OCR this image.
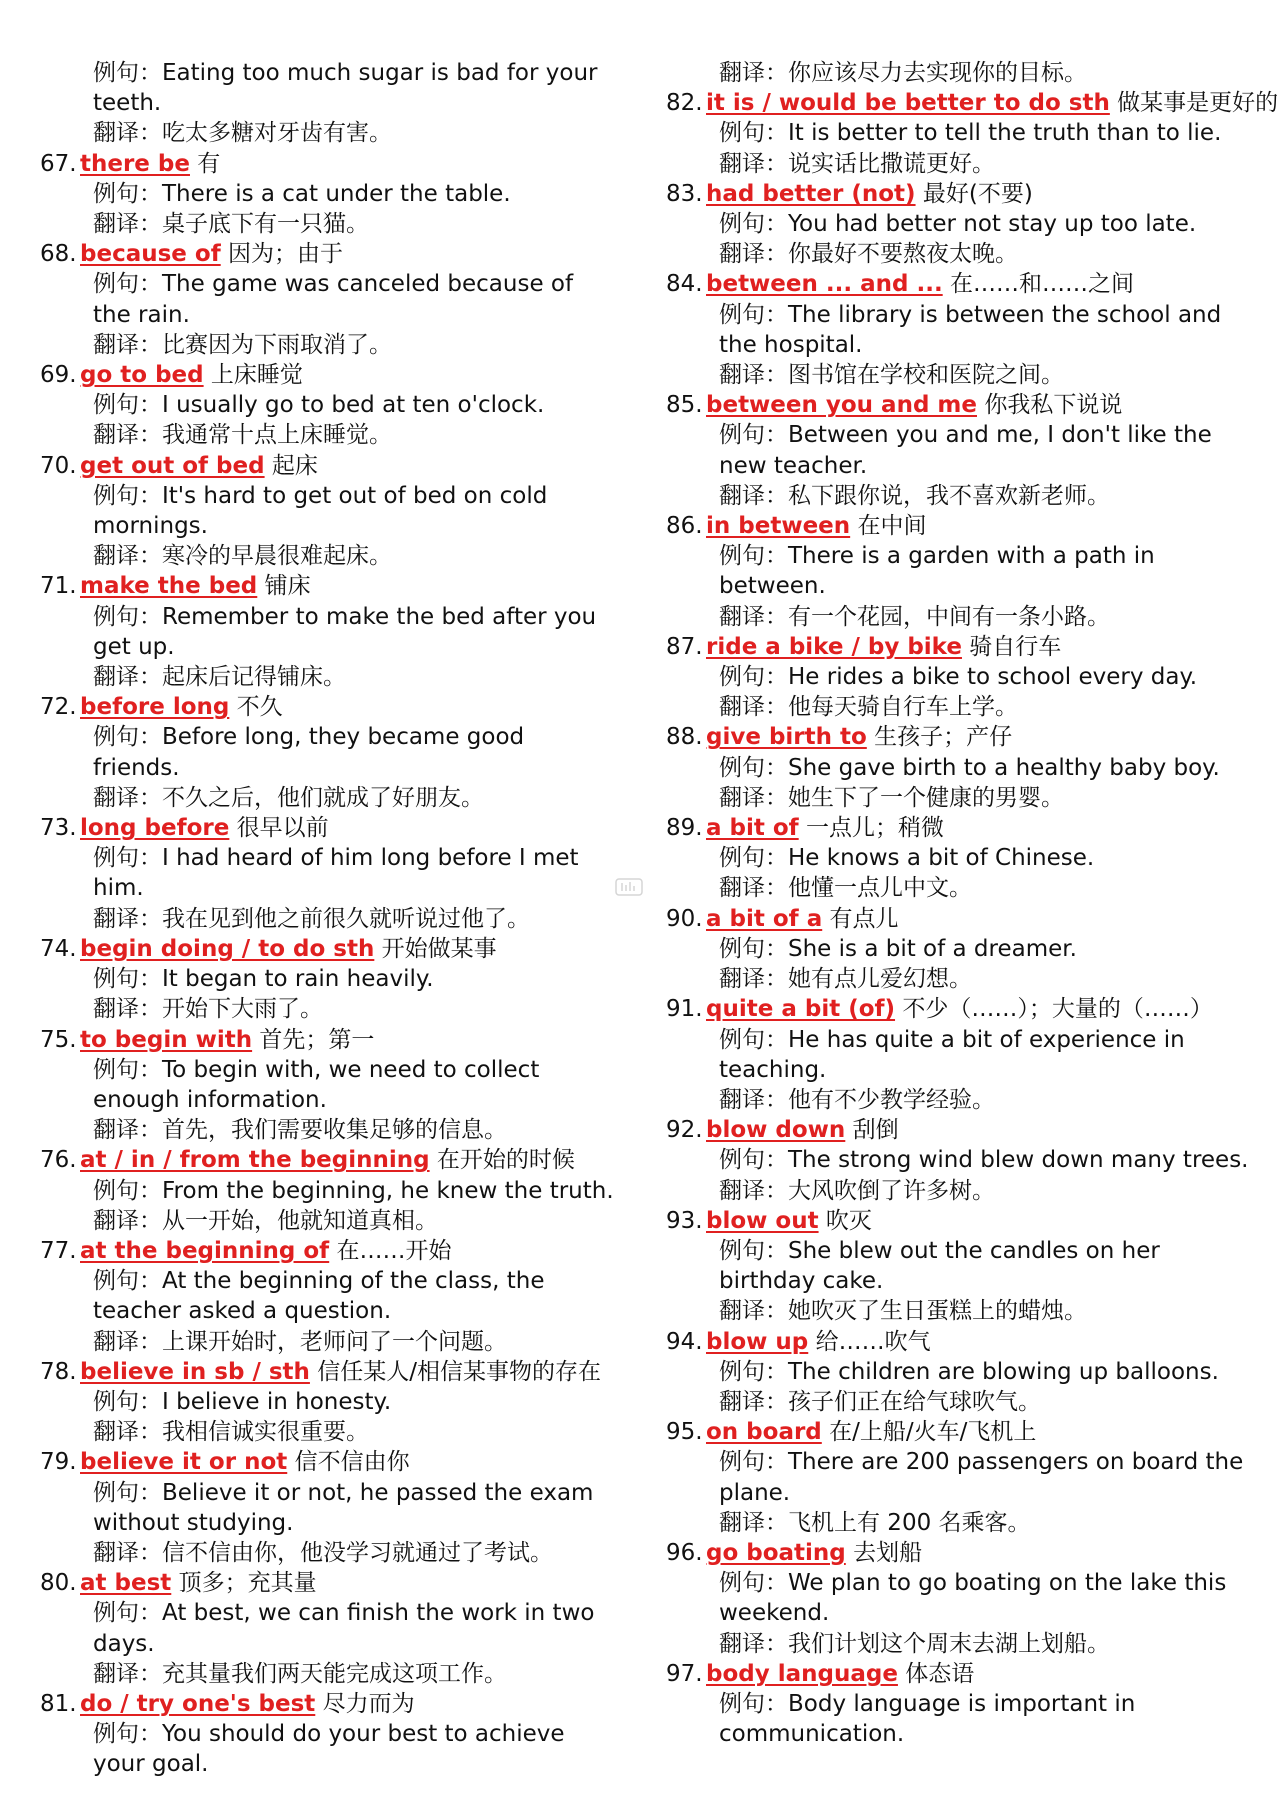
例句：Eating too much sugar is bad for your teeth.
翻译：吃太多糖对牙齿有害。
67. there be 有
例句：There is a cat under the table.
翻译：桌子底下有一只猫。
68. because of 因为；由于
例句：The game was canceled because of the rain.
翻译：比赛因为下雨取消了。
69. go to bed 上床睡觉
例句：I usually go to bed at ten o'clock.
翻译：我通常十点上床睡觉。
70. get out of bed 起床
例句：It's hard to get out of bed on cold mornings.
翻译：寒冷的早晨很难起床。
71. make the bed 铺床
例句：Remember to make the bed after you get up.
翻译：起床后记得铺床。
72. before long 不久
例句：Before long, they became good friends.
翻译：不久之后，他们就成了好朋友。
73. long before 很早以前
例句：I had heard of him long before I met him.
翻译：我在见到他之前很久就听说过他了。
74. begin doing / to do sth 开始做某事
例句：It began to rain heavily.
翻译：开始下大雨了。
75. to begin with 首先；第一
例句：To begin with, we need to collect enough information.
翻译：首先，我们需要收集足够的信息。
76. at / in / from the beginning 在开始的时候
例句：From the beginning, he knew the truth.
翻译：从一开始，他就知道真相。
77. at the beginning of 在……开始
例句：At the beginning of the class, the teacher asked a question.
翻译：上课开始时，老师问了一个问题。
78. believe in sb / sth 信任某人/相信某事物的存在
例句：I believe in honesty.
翻译：我相信诚实很重要。
79. believe it or not 信不信由你
例句：Believe it or not, he passed the exam without studying.
翻译：信不信由你，他没学习就通过了考试。
80. at best 顶多；充其量
例句：At best, we can finish the work in two days.
翻译：充其量我们两天能完成这项工作。
81. do / try one's best 尽力而为
例句：You should do your best to achieve your goal.
翻译：你应该尽力去实现你的目标。
82. it is / would be better to do sth 做某事是更好的
例句：It is better to tell the truth than to lie.
翻译：说实话比撒谎更好。
83. had better (not) 最好(不要)
例句：You had better not stay up too late.
翻译：你最好不要熬夜太晚。
84. between ... and ... 在……和……之间
例句：The library is between the school and the hospital.
翻译：图书馆在学校和医院之间。
85. between you and me 你我私下说说
例句：Between you and me, I don't like the new teacher.
翻译：私下跟你说，我不喜欢新老师。
86. in between 在中间
例句：There is a garden with a path in between.
翻译：有一个花园，中间有一条小路。
87. ride a bike / by bike 骑自行车
例句：He rides a bike to school every day.
翻译：他每天骑自行车上学。
88. give birth to 生孩子；产仔
例句：She gave birth to a healthy baby boy.
翻译：她生下了一个健康的男婴。
89. a bit of 一点儿；稍微
例句：He knows a bit of Chinese.
翻译：他懂一点儿中文。
90. a bit of a 有点儿
例句：She is a bit of a dreamer.
翻译：她有点儿爱幻想。
91. quite a bit (of) 不少（……）；大量的（……）
例句：He has quite a bit of experience in teaching.
翻译：他有不少教学经验。
92. blow down 刮倒
例句：The strong wind blew down many trees.
翻译：大风吹倒了许多树。
93. blow out 吹灭
例句：She blew out the candles on her birthday cake.
翻译：她吹灭了生日蛋糕上的蜡烛。
94. blow up 给……吹气
例句：The children are blowing up balloons.
翻译：孩子们正在给气球吹气。
95. on board 在/上船/火车/飞机上
例句：There are 200 passengers on board the plane.
翻译：飞机上有 200 名乘客。
96. go boating 去划船
例句：We plan to go boating on the lake this weekend.
翻译：我们计划这个周末去湖上划船。
97. body language 体态语
例句：Body language is important in communication.
